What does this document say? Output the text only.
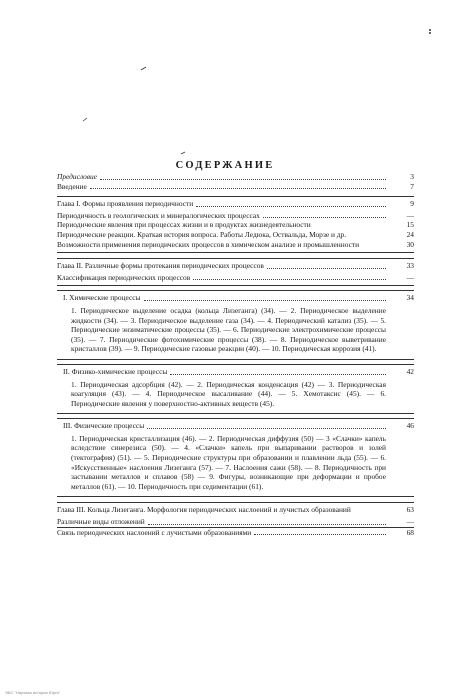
СОДЕРЖАНИЕ
Предисловие	3
Введение	7
Глава I. Формы проявления периодичности	9
Периодичность в геологических и минералогических процессах	—
Периодические явления при процессах жизни и в продуктах жизнедеятельности	15
Периодические реакции. Краткая история вопроса. Работы Ледюка, Оствальда, Морзе и др.	24
Возможности применения периодических процессов в химическом анализе и промышленности	30
Глава II. Различные формы протекания периодических процессов	33
Классификация периодических процессов	—
I. Химические процессы	34
1. Периодическое выделение осадка (кольца Лизеганга) (34). — 2. Периодическое выделение жидкости (34). — 3. Периодическое выделение газа (34). — 4. Периодический катализ (35). — 5. Периодические энзиматические процессы (35). — 6. Периодические электрохимические процессы (35). — 7. Периодические фотохимические процессы (38). — 8. Периодическое выветривание кристаллов (39). — 9. Периодические газовые реакции (40). — 10. Периодическая коррозия (41).
II. Физико-химические процессы	42
1. Периодическая адсорбция (42). — 2. Периодическая конденсация (42) — 3. Периодическая коагуляция (43). — 4. Периодическое высаливание (44). — 5. Хемотаксис (45). — 6. Периодические явления у поверхностно-активных веществ (45).
III. Физические процессы	46
1. Периодическая кристаллизация (46). — 2. Периодическая диффузия (50) — 3 «Слачки» капель вследствие синерезиса (50). — 4. «Слачки» капель при выпаривании растворов и золей (тектография) (51). — 5. Периодические структуры при образовании и плавлении льда (55). — 6. «Искусственные» наслоения Лизеганга (57). — 7. Наслоения сажи (58). — 8. Периодичность при застывании металлов и сплавов (58) — 9. Фигуры, возникающие при деформации и пробое металлов (61). — 10. Периодичность при седиментации (61).
Глава III. Кольца Лизеганга. Морфология периодических наслоений и лучистых образований	63
Различные виды отложений	—
Связь периодических наслоений с лучистыми образованиями	68
ЭБС "Научная история Юрги"
